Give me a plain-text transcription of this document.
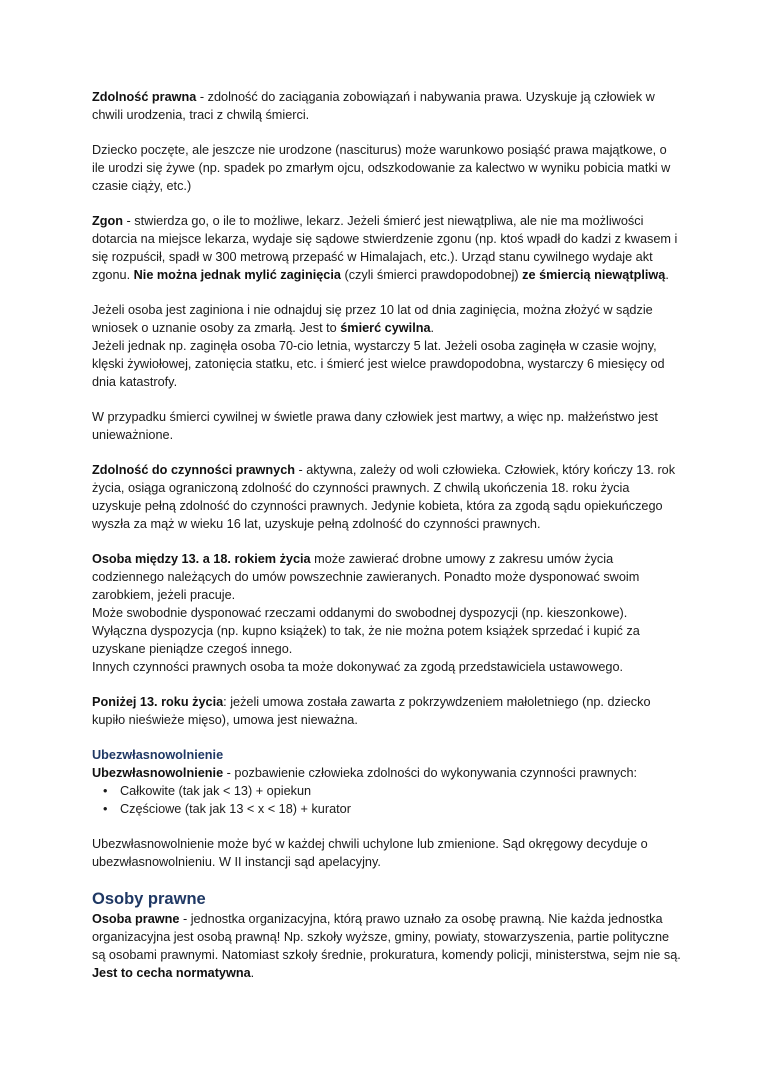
Zdolność prawna - zdolność do zaciągania zobowiązań i nabywania prawa. Uzyskuje ją człowiek w chwili urodzenia, traci z chwilą śmierci.

Dziecko poczęte, ale jeszcze nie urodzone (nasciturus) może warunkowo posiąść prawa majątkowe, o ile urodzi się żywe (np. spadek po zmarłym ojcu, odszkodowanie za kalectwo w wyniku pobicia matki w czasie ciąży, etc.)

Zgon - stwierdza go, o ile to możliwe, lekarz. Jeżeli śmierć jest niewątpliwa, ale nie ma możliwości dotarcia na miejsce lekarza, wydaje się sądowe stwierdzenie zgonu (np. ktoś wpadł do kadzi z kwasem i się rozpuścił, spadł w 300 metrową przepaść w Himalajach, etc.). Urząd stanu cywilnego wydaje akt zgonu. Nie można jednak mylić zaginięcia (czyli śmierci prawdopodobnej) ze śmiercią niewątpliwą.

Jeżeli osoba jest zaginiona i nie odnajduj się przez 10 lat od dnia zaginięcia, można złożyć w sądzie wniosek o uznanie osoby za zmarłą. Jest to śmierć cywilna.
Jeżeli jednak np. zaginęła osoba 70-cio letnia, wystarczy 5 lat. Jeżeli osoba zaginęła w czasie wojny, klęski żywiołowej, zatonięcia statku, etc. i śmierć jest wielce prawdopodobna, wystarczy 6 miesięcy od dnia katastrofy.

W przypadku śmierci cywilnej w świetle prawa dany człowiek jest martwy, a więc np. małżeństwo jest unieważnione.

Zdolność do czynności prawnych - aktywna, zależy od woli człowieka. Człowiek, który kończy 13. rok życia, osiąga ograniczoną zdolność do czynności prawnych. Z chwilą ukończenia 18. roku życia uzyskuje pełną zdolność do czynności prawnych. Jedynie kobieta, która za zgodą sądu opiekuńczego wyszła za mąż w wieku 16 lat, uzyskuje pełną zdolność do czynności prawnych.

Osoba między 13. a 18. rokiem życia może zawierać drobne umowy z zakresu umów życia codziennego należących do umów powszechnie zawieranych. Ponadto może dysponować swoim zarobkiem, jeżeli pracuje.
Może swobodnie dysponować rzeczami oddanymi do swobodnej dyspozycji (np. kieszonkowe).
Wyłączna dyspozycja (np. kupno książek) to tak, że nie można potem książek sprzedać i kupić za uzyskane pieniądze czegoś innego.
Innych czynności prawnych osoba ta może dokonywać za zgodą przedstawiciela ustawowego.

Poniżej 13. roku życia: jeżeli umowa została zawarta z pokrzywdzeniem małoletniego (np. dziecko kupiło nieświeże mięso), umowa jest nieważna.

Ubezwłasnowolnienie

Ubezwłasnowolnienie - pozbawienie człowieka zdolności do wykonywania czynności prawnych:

• Całkowite (tak jak < 13) + opiekun
• Częściowe (tak jak 13 < x < 18) + kurator

Ubezwłasnowolnienie może być w każdej chwili uchylone lub zmienione. Sąd okręgowy decyduje o ubezwłasnowolnieniu. W II instancji sąd apelacyjny.

Osoby prawne

Osoba prawne - jednostka organizacyjna, którą prawo uznało za osobę prawną. Nie każda jednostka organizacyjna jest osobą prawną! Np. szkoły wyższe, gminy, powiaty, stowarzyszenia, partie polityczne są osobami prawnymi. Natomiast szkoły średnie, prokuratura, komendy policji, ministerstwa, sejm nie są. Jest to cecha normatywna.
